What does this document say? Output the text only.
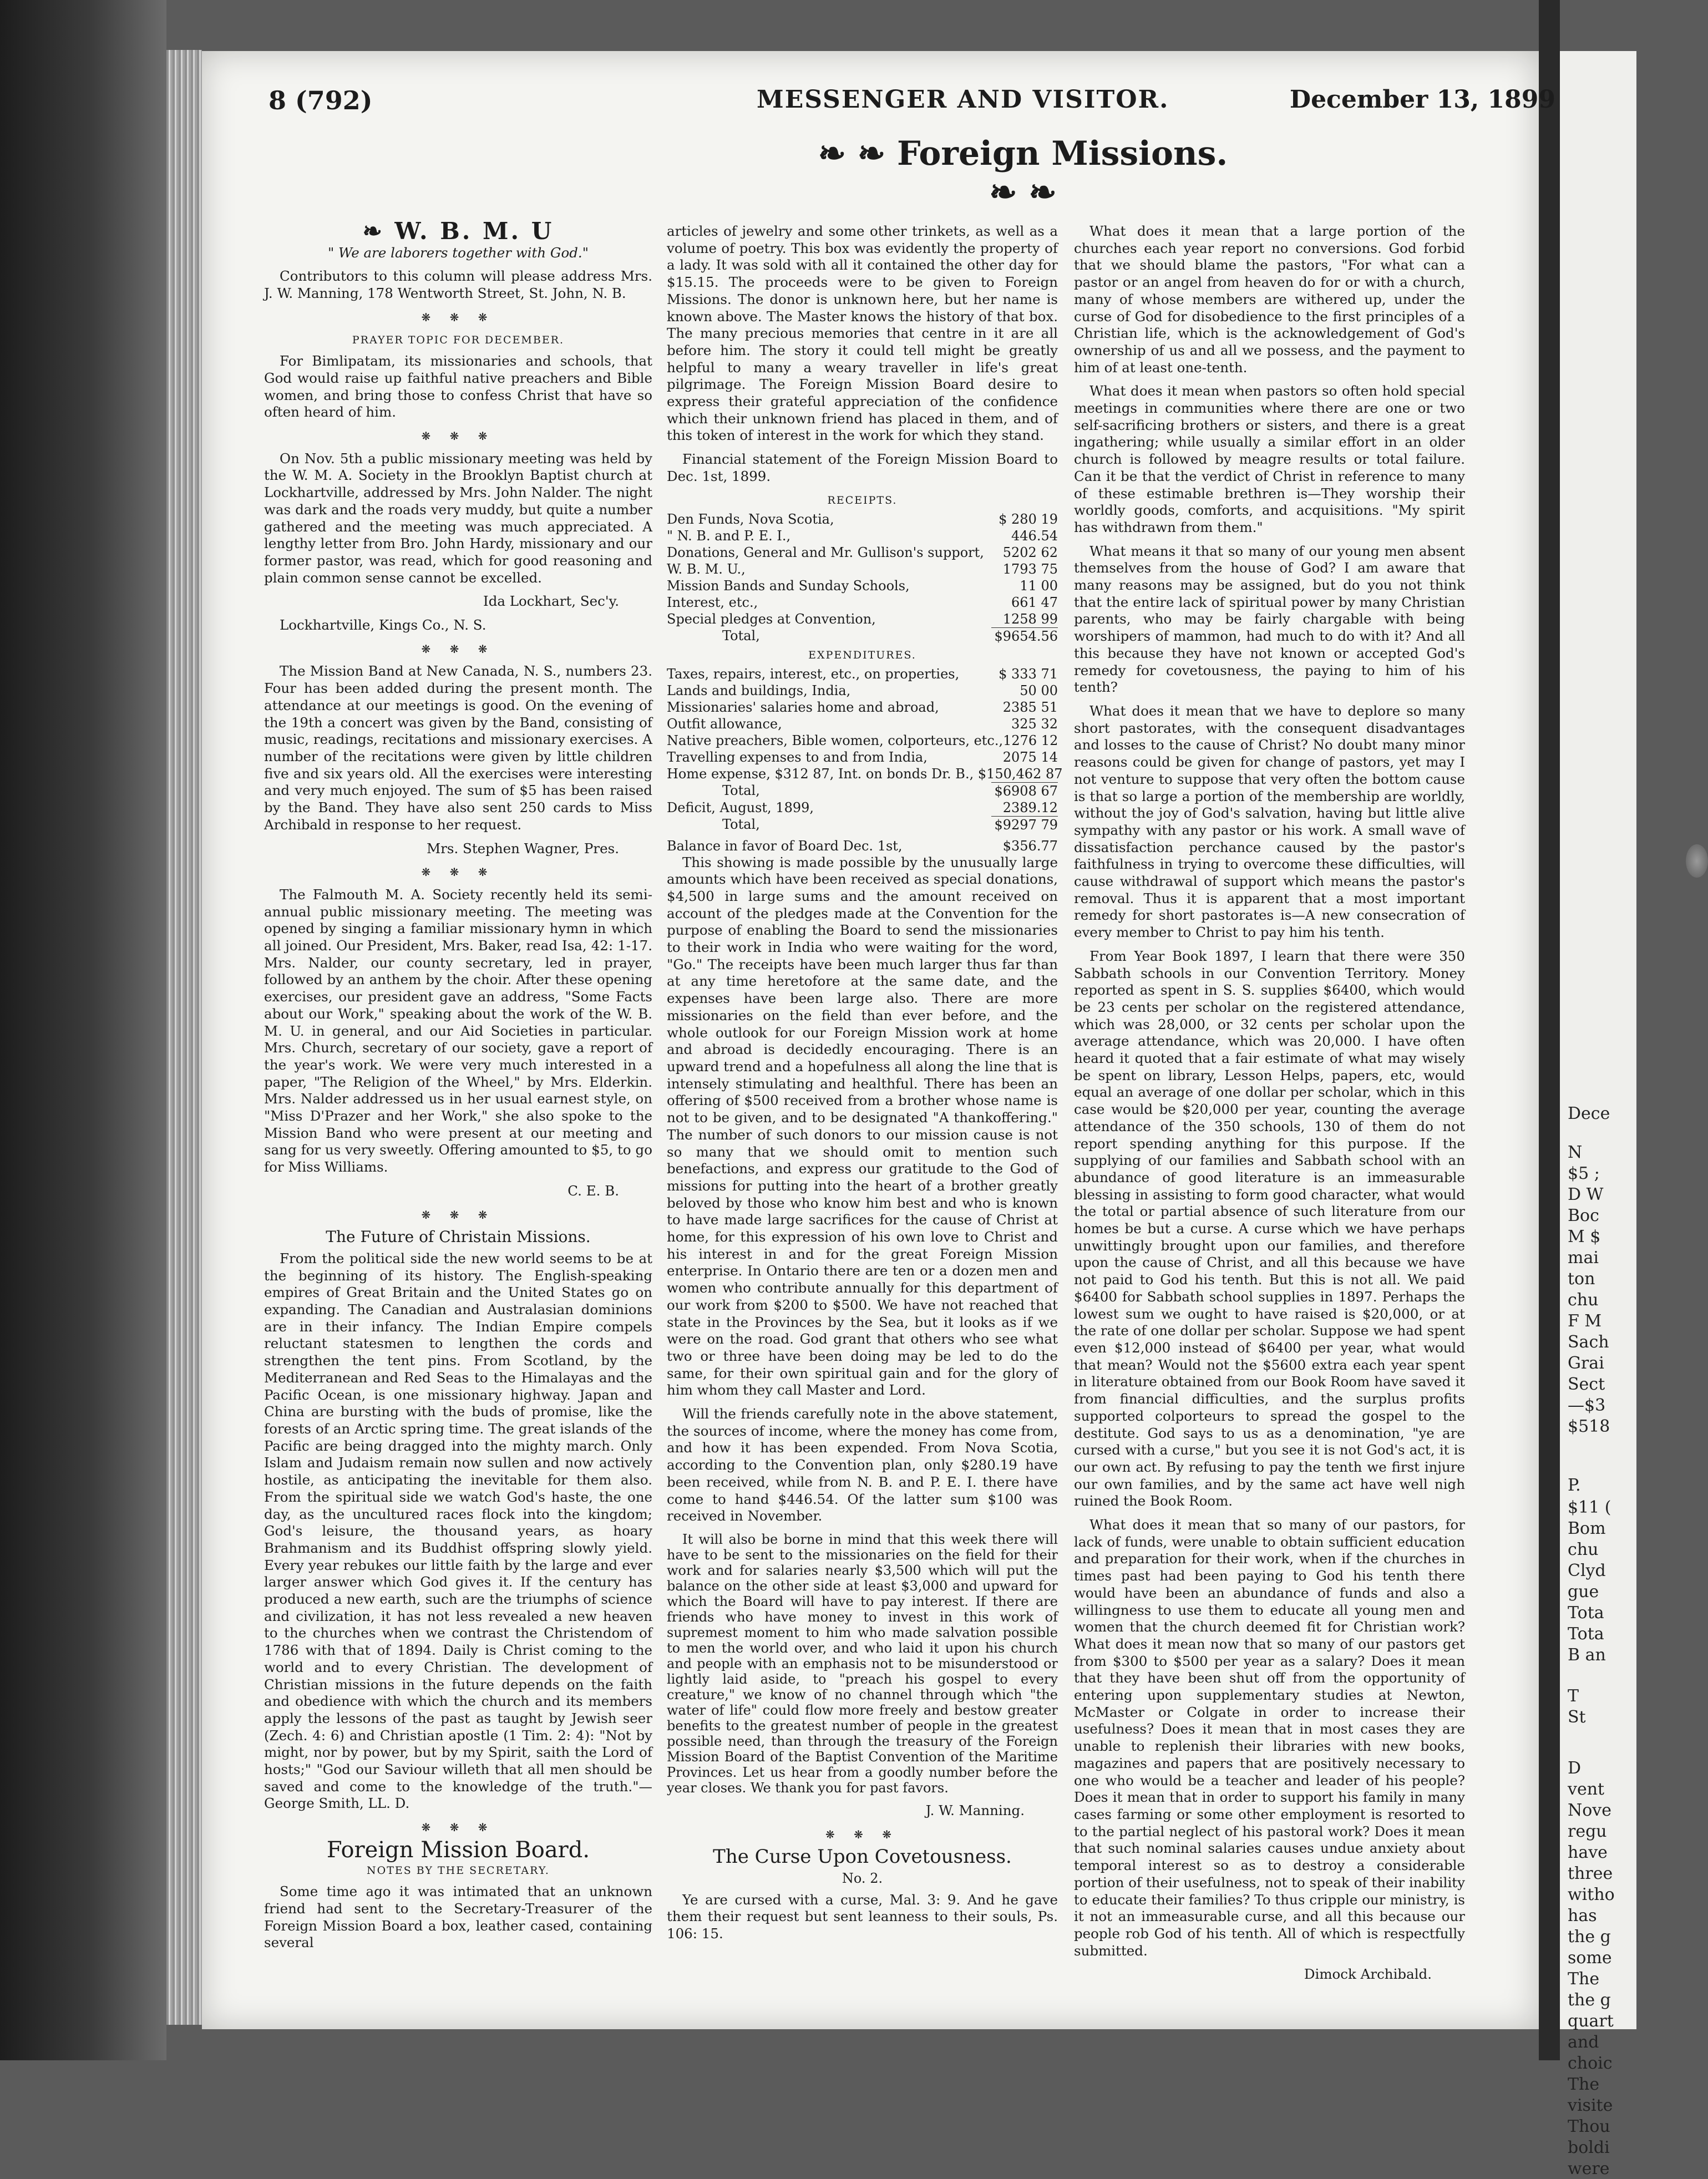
Dece
N
$5 ;
D W
Boc
M $
mai
ton
chu
F M
Sach
Grai
Sect
—$3
$518
P.
$11 (
Bom
chu
Clyd
gue
Tota
Tota
B an
T
St
D
vent
Nove
regu
have
three
witho
has
the g
some
The
the g
quart
and
choic
The
visite
Thou
boldi
were
8 (792)	MESSENGER AND VISITOR.	December 13, 1899
❧ ❧ Foreign Missions. ❧ ❧
❧ W. B. M. U

" We are laborers together with God."

Contributors to this column will please address Mrs. J. W. Manning, 178 Wentworth Street, St. John, N. B.

❋ ❋ ❋
PRAYER TOPIC FOR DECEMBER.

For Bimlipatam, its missionaries and schools, that God would raise up faithful native preachers and Bible women, and bring those to confess Christ that have so often heard of him.

❋ ❋ ❋

On Nov. 5th a public missionary meeting was held by the W. M. A. Society in the Brooklyn Baptist church at Lockhartville, addressed by Mrs. John Nalder. The night was dark and the roads very muddy, but quite a number gathered and the meeting was much appreciated. A lengthy letter from Bro. John Hardy, missionary and our former pastor, was read, which for good reasoning and plain common sense cannot be excelled.

Ida Lockhart, Sec'y.

Lockhartville, Kings Co., N. S.

❋ ❋ ❋

The Mission Band at New Canada, N. S., numbers 23. Four has been added during the present month. The attendance at our meetings is good. On the evening of the 19th a concert was given by the Band, consisting of music, readings, recitations and missionary exercises. A number of the recitations were given by little children five and six years old. All the exercises were interesting and very much enjoyed. The sum of $5 has been raised by the Band. They have also sent 250 cards to Miss Archibald in response to her request.

Mrs. Stephen Wagner, Pres.
❋ ❋ ❋

The Falmouth M. A. Society recently held its semi-annual public missionary meeting. The meeting was opened by singing a familiar missionary hymn in which all joined. Our President, Mrs. Baker, read Isa, 42: 1-17. Mrs. Nalder, our county secretary, led in prayer, followed by an anthem by the choir. After these opening exercises, our president gave an address, "Some Facts about our Work," speaking about the work of the W. B. M. U. in general, and our Aid Societies in particular. Mrs. Church, secretary of our society, gave a report of the year's work. We were very much interested in a paper, "The Religion of the Wheel," by Mrs. Elderkin. Mrs. Nalder addressed us in her usual earnest style, on "Miss D'Prazer and her Work," she also spoke to the Mission Band who were present at our meeting and sang for us very sweetly. Offering amounted to $5, to go for Miss Williams.

C. E. B.
❋ ❋ ❋
The Future of Christain Missions.

From the political side the new world seems to be at the beginning of its history. The English-speaking empires of Great Britain and the United States go on expanding. The Canadian and Australasian dominions are in their infancy. The Indian Empire compels reluctant statesmen to lengthen the cords and strengthen the tent pins. From Scotland, by the Mediterranean and Red Seas to the Himalayas and the Pacific Ocean, is one missionary highway. Japan and China are bursting with the buds of promise, like the forests of an Arctic spring time. The great islands of the Pacific are being dragged into the mighty march. Only Islam and Judaism remain now sullen and now actively hostile, as anticipating the inevitable for them also. From the spiritual side we watch God's haste, the one day, as the uncultured races flock into the kingdom; God's leisure, the thousand years, as hoary Brahmanism and its Buddhist offspring slowly yield. Every year rebukes our little faith by the large and ever larger answer which God gives it. If the century has produced a new earth, such are the triumphs of science and civilization, it has not less revealed a new heaven to the churches when we contrast the Christendom of 1786 with that of 1894. Daily is Christ coming to the world and to every Christian. The development of Christian missions in the future depends on the faith and obedience with which the church and its members apply the lessons of the past as taught by Jewish seer (Zech. 4: 6) and Christian apostle (1 Tim. 2: 4): "Not by might, nor by power, but by my Spirit, saith the Lord of hosts;" "God our Saviour willeth that all men should be saved and come to the knowledge of the truth."—George Smith, LL. D.

❋ ❋ ❋
Foreign Mission Board.
NOTES BY THE SECRETARY.

Some time ago it was intimated that an unknown friend had sent to the Secretary-Treasurer of the Foreign Mission Board a box, leather cased, containing several

articles of jewelry and some other trinkets, as well as a volume of poetry. This box was evidently the property of a lady. It was sold with all it contained the other day for $15.15. The proceeds were to be given to Foreign Missions. The donor is unknown here, but her name is known above. The Master knows the history of that box. The many precious memories that centre in it are all before him. The story it could tell might be greatly helpful to many a weary traveller in life's great pilgrimage. The Foreign Mission Board desire to express their grateful appreciation of the confidence which their unknown friend has placed in them, and of this token of interest in the work for which they stand.

Financial statement of the Foreign Mission Board to Dec. 1st, 1899.

RECEIPTS.
Den Funds, Nova Scotia,	$ 280 19
" N. B. and P. E. I.,	446.54
Donations, General and Mr. Gullison's support,	5202 62
W. B. M. U.,	1793 75
Mission Bands and Sunday Schools,	11 00
Interest, etc.,	661 47
Special pledges at Convention,	1258 99
Total,	$9654.56
EXPENDITURES.
Taxes, repairs, interest, etc., on properties,	$ 333 71
Lands and buildings, India,	50 00
Missionaries' salaries home and abroad,	2385 51
Outfit allowance,	325 32
Native preachers, Bible women, colporteurs, etc., 1276 12
Travelling expenses to and from India,	2075 14
Home expense, $312 87, Int. on bonds Dr. B., $150, 462 87
Total,	$6908 67
Deficit, August, 1899,	2389.12
Total,	$9297 79
Balance in favor of Board Dec. 1st,	$356.77

This showing is made possible by the unusually large amounts which have been received as special donations, $4,500 in large sums and the amount received on account of the pledges made at the Convention for the purpose of enabling the Board to send the missionaries to their work in India who were waiting for the word, "Go." The receipts have been much larger thus far than at any time heretofore at the same date, and the expenses have been large also. There are more missionaries on the field than ever before, and the whole outlook for our Foreign Mission work at home and abroad is decidedly encouraging. There is an upward trend and a hopefulness all along the line that is intensely stimulating and healthful. There has been an offering of $500 received from a brother whose name is not to be given, and to be designated "A thankoffering." The number of such donors to our mission cause is not so many that we should omit to mention such benefactions, and express our gratitude to the God of missions for putting into the heart of a brother greatly beloved by those who know him best and who is known to have made large sacrifices for the cause of Christ at home, for this expression of his own love to Christ and his interest in and for the great Foreign Mission enterprise. In Ontario there are ten or a dozen men and women who contribute annually for this department of our work from $200 to $500. We have not reached that state in the Provinces by the Sea, but it looks as if we were on the road. God grant that others who see what two or three have been doing may be led to do the same, for their own spiritual gain and for the glory of him whom they call Master and Lord.

Will the friends carefully note in the above statement, the sources of income, where the money has come from, and how it has been expended. From Nova Scotia, according to the Convention plan, only $280.19 have been received, while from N. B. and P. E. I. there have come to hand $446.54. Of the latter sum $100 was received in November.

It will also be borne in mind that this week there will have to be sent to the missionaries on the field for their work and for salaries nearly $3,500 which will put the balance on the other side at least $3,000 and upward for which the Board will have to pay interest. If there are friends who have money to invest in this work of supremest moment to him who made salvation possible to men the world over, and who laid it upon his church and people with an emphasis not to be misunderstood or lightly laid aside, to "preach his gospel to every creature," we know of no channel through which "the water of life" could flow more freely and bestow greater benefits to the greatest number of people in the greatest possible need, than through the treasury of the Foreign Mission Board of the Baptist Convention of the Maritime Provinces. Let us hear from a goodly number before the year closes. We thank you for past favors.

J. W. Manning.
❋ ❋ ❋
The Curse Upon Covetousness.
No. 2.

Ye are cursed with a curse, Mal. 3: 9. And he gave them their request but sent leanness to their souls, Ps. 106: 15.

What does it mean that a large portion of the churches each year report no conversions. God forbid that we should blame the pastors, "For what can a pastor or an angel from heaven do for or with a church, many of whose members are withered up, under the curse of God for disobedience to the first principles of a Christian life, which is the acknowledgement of God's ownership of us and all we possess, and the payment to him of at least one-tenth.

What does it mean when pastors so often hold special meetings in communities where there are one or two self-sacrificing brothers or sisters, and there is a great ingathering; while usually a similar effort in an older church is followed by meagre results or total failure. Can it be that the verdict of Christ in reference to many of these estimable brethren is—They worship their worldly goods, comforts, and acquisitions. "My spirit has withdrawn from them."

What means it that so many of our young men absent themselves from the house of God? I am aware that many reasons may be assigned, but do you not think that the entire lack of spiritual power by many Christian parents, who may be fairly chargable with being worshipers of mammon, had much to do with it? And all this because they have not known or accepted God's remedy for covetousness, the paying to him of his tenth?

What does it mean that we have to deplore so many short pastorates, with the consequent disadvantages and losses to the cause of Christ? No doubt many minor reasons could be given for change of pastors, yet may I not venture to suppose that very often the bottom cause is that so large a portion of the membership are worldly, without the joy of God's salvation, having but little alive sympathy with any pastor or his work. A small wave of dissatisfaction perchance caused by the pastor's faithfulness in trying to overcome these difficulties, will cause withdrawal of support which means the pastor's removal. Thus it is apparent that a most important remedy for short pastorates is—A new consecration of every member to Christ to pay him his tenth.

From Year Book 1897, I learn that there were 350 Sabbath schools in our Convention Territory. Money reported as spent in S. S. supplies $6400, which would be 23 cents per scholar on the registered attendance, which was 28,000, or 32 cents per scholar upon the average attendance, which was 20,000. I have often heard it quoted that a fair estimate of what may wisely be spent on library, Lesson Helps, papers, etc, would equal an average of one dollar per scholar, which in this case would be $20,000 per year, counting the average attendance of the 350 schools, 130 of them do not report spending anything for this purpose. If the supplying of our families and Sabbath school with an abundance of good literature is an immeasurable blessing in assisting to form good character, what would the total or partial absence of such literature from our homes be but a curse. A curse which we have perhaps unwittingly brought upon our families, and therefore upon the cause of Christ, and all this because we have not paid to God his tenth. But this is not all. We paid $6400 for Sabbath school supplies in 1897. Perhaps the lowest sum we ought to have raised is $20,000, or at the rate of one dollar per scholar. Suppose we had spent even $12,000 instead of $6400 per year, what would that mean? Would not the $5600 extra each year spent in literature obtained from our Book Room have saved it from financial difficulties, and the surplus profits supported colporteurs to spread the gospel to the destitute. God says to us as a denomination, "ye are cursed with a curse," but you see it is not God's act, it is our own act. By refusing to pay the tenth we first injure our own families, and by the same act have well nigh ruined the Book Room.

What does it mean that so many of our pastors, for lack of funds, were unable to obtain sufficient education and preparation for their work, when if the churches in times past had been paying to God his tenth there would have been an abundance of funds and also a willingness to use them to educate all young men and women that the church deemed fit for Christian work? What does it mean now that so many of our pastors get from $300 to $500 per year as a salary? Does it mean that they have been shut off from the opportunity of entering upon supplementary studies at Newton, McMaster or Colgate in order to increase their usefulness? Does it mean that in most cases they are unable to replenish their libraries with new books, magazines and papers that are positively necessary to one who would be a teacher and leader of his people? Does it mean that in order to support his family in many cases farming or some other employment is resorted to to the partial neglect of his pastoral work? Does it mean that such nominal salaries causes undue anxiety about temporal interest so as to destroy a considerable portion of their usefulness, not to speak of their inability to educate their families? To thus cripple our ministry, is it not an immeasurable curse, and all this because our people rob God of his tenth. All of which is respectfully submitted.

Dimock Archibald.
